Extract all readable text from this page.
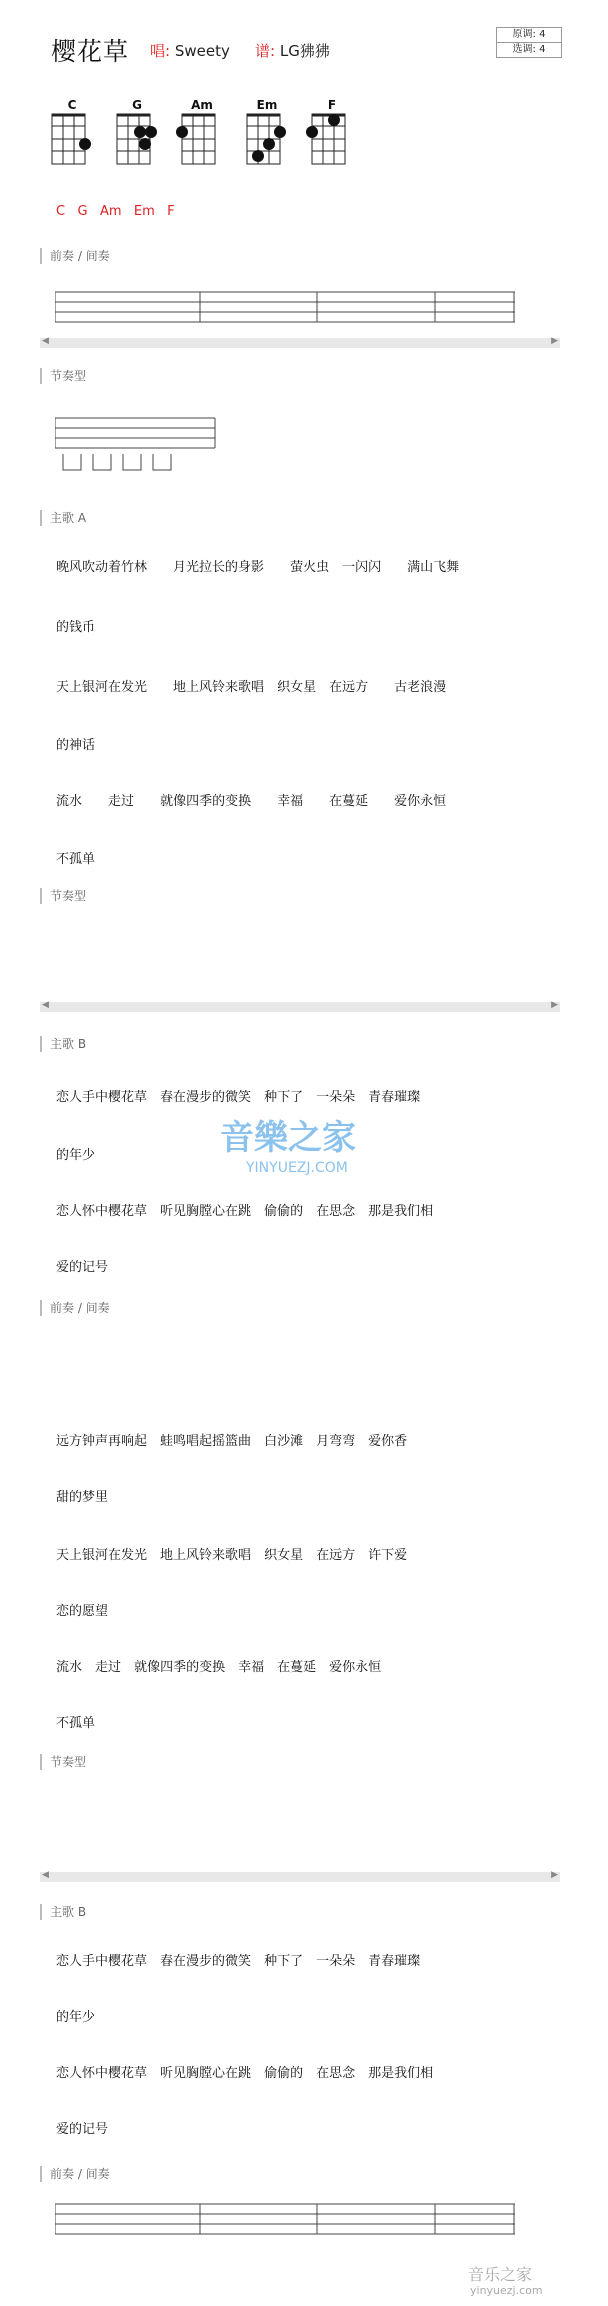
樱花草 唱: Sweety 谱: LG狒狒
原调: 4
选调: 4
C	G	Am	Em	F
C   G   Am   Em   F
前奏 / 间奏
◀	▶
节奏型
主歌 A
晚风吹动着竹林　　 月光拉长的身影　　 萤火虫　 一闪闪　　 满山飞舞
的钱币
天上银河在发光　　 地上风铃来歌唱　 织女星　 在远方　　 古老浪漫
的神话
流水　　 走过　　 就像四季的变换　　 幸福　　 在蔓延　　 爱你永恒
不孤单
节奏型
◀	▶
主歌 B
恋人手中樱花草　 春在漫步的微笑　 种下了　 一朵朵　 青春璀璨
的年少
恋人怀中樱花草　 听见胸膛心在跳　 偷偷的　 在思念　 那是我们相
爱的记号
前奏 / 间奏
远方钟声再响起　 蛙鸣唱起摇篮曲　 白沙滩　 月弯弯　 爱你香
甜的梦里
天上银河在发光　 地上风铃来歌唱　 织女星　 在远方　 许下爱
恋的愿望
流水　 走过　 就像四季的变换　 幸福　 在蔓延　 爱你永恒
不孤单
节奏型
◀	▶
主歌 B
恋人手中樱花草　 春在漫步的微笑　 种下了　 一朵朵　 青春璀璨
的年少
恋人怀中樱花草　 听见胸膛心在跳　 偷偷的　 在思念　 那是我们相
爱的记号
前奏 / 间奏
音樂之家
YINYUEZJ.COM
音乐之家
yinyuezj.com
